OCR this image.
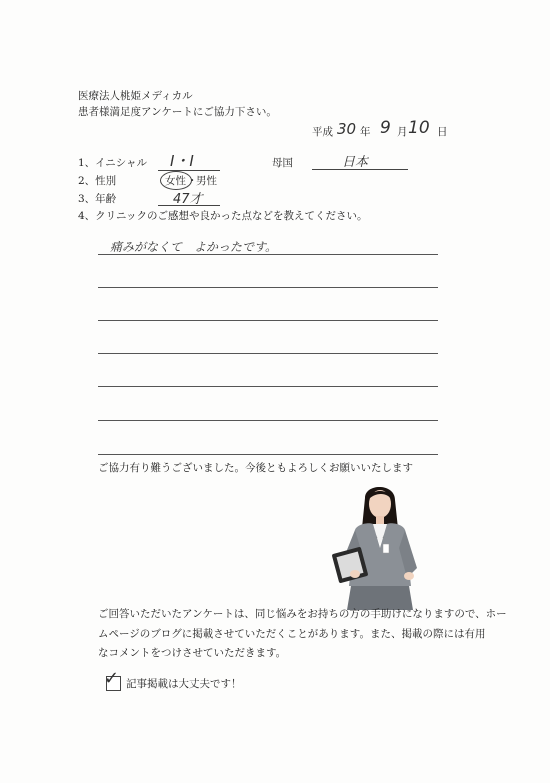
医療法人桃姫メディカル
患者様満足度アンケートにご協力下さい。
平成 30 年 9 月 10 日
1、イニシャル I・I	母国	日本
2、性別	女性 ・
男性
3、年齢	47才
4、クリニックのご感想や良かった点などを教えてください。
痛みがなくて　よかったです。
ご協力有り難うございました。今後ともよろしくお願いいたします
ご回答いただいたアンケートは、同じ悩みをお持ちの方の手助けになりますので、ホー
ムページのブログに掲載させていただくことがあります。また、掲載の際には有用
なコメントをつけさせていただきます。
✓ 記事掲載は大丈夫です！
